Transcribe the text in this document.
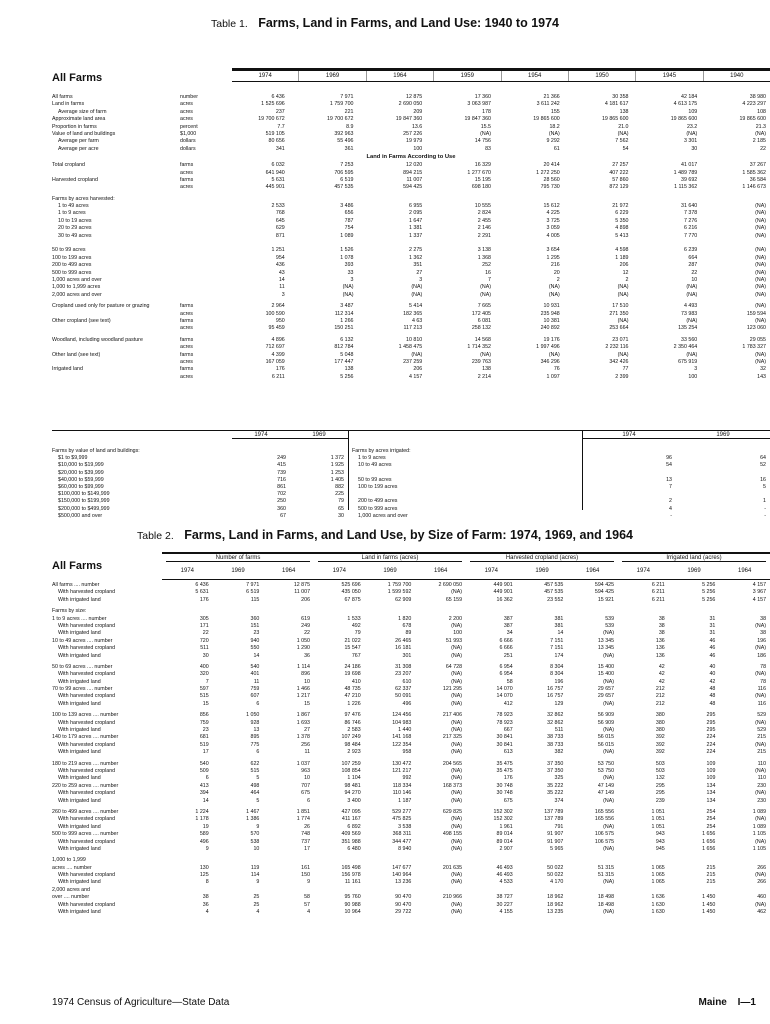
Table 1. Farms, Land in Farms, and Land Use: 1940 to 1974
All Farms	1974	1969	1964	1959	1954	1950	1945	1940
All farms	number	6 436	7 971	12 875	17 360	21 366	30 358	42 184	38 980
Land in farms	acres	1 525 696	1 759 700	2 690 050	3 063 987	3 611 242	4 181 617	4 613 175	4 223 297
Average size of farm	acres	237	221	209	178	155	138	109	108
Approximate land area	acres	19 700 672	19 700 672	19 847 360	19 847 360	19 865 600	19 865 600	19 865 600	19 865 600
Proportion in farms	percent	7.7	8.9	13.6	15.5	18.2	21.0	23.2	21.3
Value of land and buildings	$1,000	519 105	392 963	257 226	(NA)	(NA)	(NA)	(NA)	(NA)
Average per farm	dollars	80 656	55 496	19 979	14 756	9 292	7 562	3 301	2 185
Average per acre	dollars	341	361	100	83	61	54	30	22
Land in Farms According to Use
Total cropland	farms	6 032	7 253	12 020	16 329	20 414	27 257	41 017	37 267
acres	641 940	706 595	894 215	1 277 670	1 272 250	407 222	1 489 789	1 585 362
Harvested cropland	farms	5 631	6 519	11 007	15 195	28 560	57 860	39 692	36 584
acres	445 901	457 535	594 425	698 180	795 730	872 129	1 115 362	1 146 673
Farms by acres harvested:
1 to 49 acres	2 533	3 486	6 955	10 555	15 612	21 972	31 640	(NA)
1 to 9 acres	768	656	2 095	2 824	4 225	6 229	7 378	(NA)
10 to 19 acres	645	787	1 647	2 455	3 725	5 350	7 276	(NA)
20 to 29 acres	629	754	1 381	2 146	3 059	4 898	6 216	(NA)
30 to 49 acres	871	1 089	1 337	2 291	4 005	5 413	7 770	(NA)
50 to 99 acres	1 251	1 526	2 275	3 138	3 654	4 598	6 239	(NA)
100 to 199 acres	954	1 078	1 362	1 368	1 295	1 189	664	(NA)
200 to 499 acres	436	393	351	252	216	206	287	(NA)
500 to 999 acres	43	33	27	16	20	12	22	(NA)
1,000 acres and over	14	3	3	7	2	2	10	(NA)
1,000 to 1,999 acres	11	(NA)	(NA)	(NA)	(NA)	(NA)	(NA)	(NA)
2,000 acres and over	3	(NA)	(NA)	(NA)	(NA)	(NA)	(NA)	(NA)
Cropland used only for pasture or grazing	farms	2 964	3 487	5 414	7 665	10 931	17 510	4 493	(NA)
acres	100 590	112 314	182 365	172 405	235 948	271 350	73 983	159 594
Other cropland (see text)	farms	950	1 266	4 63	6 081	10 381	(NA)	(NA)	(NA)
acres	95 459	150 251	117 213	258 132	240 892	253 664	135 254	123 060
Woodland, including woodland pasture	farms	4 896	6 132	10 810	14 568	19 176	23 071	33 560	29 055
acres	712 697	812 784	1 458 475	1 714 352	1 997 496	2 232 116	2 350 464	1 783 327
Other land (see text)	farms	4 399	5 048	(NA)	(NA)	(NA)	(NA)	(NA)	(NA)
acres	167 059	177 447	237 259	239 763	346 296	342 426	675 919	(NA)
Irrigated land	farms	176	138	206	138	76	77	3	32
acres	6 211	5 256	4 157	2 214	1 097	2 399	100	143
1974	1969	1974	1969
Farms by value of land and buildings:
$1 to $9,999	249	1 372
$10,000 to $19,999	415	1 925
$20,000 to $39,999	739	1 253
$40,000 to $59,999	716	1 405
$60,000 to $99,999	861	882
$100,000 to $149,999	702	225
$150,000 to $199,999	250	79
$200,000 to $499,999	360	65
$500,000 and over	67	30
Farms by acres irrigated:
1 to 9 acres	96	64
10 to 49 acres	54	52
50 to 99 acres	13	16
100 to 199 acres	7	5
200 to 499 acres	2	1
500 to 999 acres	4	-
1,000 acres and over	-	-
Table 2. Farms, Land in Farms, and Land Use, by Size of Farm: 1974, 1969, and 1964
All Farms
Number of farms
1974	1969	1964
Land in farms (acres)
1974	1969	1964
Harvested cropland (acres)
1974	1969	1964
Irrigated land (acres)
1974	1969	1964
All farms .... number	6 436	7 971	12 875	525 696	1 759 700	2 690 050	449 901	457 535	594 425	6 211	5 256	4 157
With harvested cropland	5 631	6 519	11 007	435 050	1 599 592	(NA)	449 901	457 535	594 425	6 211	5 256	3 967
With irrigated land	176	115	206	67 875	62 909	65 159	16 362	23 552	15 921	6 211	5 256	4 157
Farms by size:
1 to 9 acres .... number	305	360	619	1 533	1 820	2 200	387	381	539	38	31	38
With harvested cropland	171	151	249	492	678	(NA)	387	381	539	38	31	(NA)
With irrigated land	22	23	22	79	89	100	34	14	(NA)	38	31	38
10 to 49 acres .... number	720	940	1 050	21 022	26 465	51 993	6 666	7 151	13 345	136	46	196
With harvested cropland	511	550	1 290	15 547	16 181	(NA)	6 666	7 151	13 345	136	46	(NA)
With irrigated land	30	14	36	767	301	(NA)	251	174	(NA)	136	46	186
50 to 69 acres .... number	400	540	1 114	24 186	31 308	64 728	6 954	8 304	15 400	42	40	78
With harvested cropland	320	401	896	19 698	23 207	(NA)	6 954	8 304	15 400	42	40	(NA)
With irrigated land	7	11	10	410	610	(NA)	58	196	(NA)	42	42	78
70 to 99 acres .... number	597	759	1 466	48 735	62 337	121 295	14 070	16 757	29 657	212	48	116
With harvested cropland	515	607	1 217	47 210	50 091	(NA)	14 070	16 757	29 657	212	48	(NA)
With irrigated land	15	6	15	1 226	496	(NA)	412	129	(NA)	212	48	116
100 to 139 acres .... number	856	1 050	1 867	97 476	124 456	217 406	78 923	32 862	56 909	380	295	529
With harvested cropland	759	928	1 693	86 746	104 983	(NA)	78 923	32 862	56 909	380	295	(NA)
With irrigated land	23	13	27	2 583	1 440	(NA)	667	511	(NA)	380	295	529
140 to 179 acres .... number	681	895	1 378	107 249	141 168	217 325	30 841	38 733	56 015	392	224	215
With harvested cropland	519	775	256	98 484	122 354	(NA)	30 841	38 733	56 015	392	224	(NA)
With irrigated land	17	6	11	2 923	958	(NA)	613	382	(NA)	392	224	215
180 to 219 acres .... number	540	622	1 037	107 259	130 472	204 565	35 475	37 350	53 750	503	109	110
With harvested cropland	509	515	963	108 854	121 217	(NA)	35 475	37 350	53 750	503	109	(NA)
With irrigated land	6	5	10	1 104	992	(NA)	176	325	(NA)	132	109	110
220 to 259 acres .... number	413	498	707	98 481	118 334	168 373	30 748	35 222	47 149	295	134	230
With harvested cropland	394	464	675	94 270	110 146	(NA)	30 748	35 222	47 149	295	134	(NA)
With irrigated land	14	5	6	3 400	1 187	(NA)	675	374	(NA)	239	134	230
260 to 499 acres .... number	1 224	1 467	1 851	427 095	529 277	629 825	152 302	137 789	165 556	1 051	254	1 089
With harvested cropland	1 178	1 386	1 774	411 167	475 825	(NA)	152 302	137 789	165 556	1 051	254	(NA)
With irrigated land	19	9	26	6 892	3 538	(NA)	1 961	791	(NA)	1 051	254	1 089
500 to 999 acres .... number	589	570	748	409 569	368 311	498 155	89 014	91 907	106 575	943	1 656	1 105
With harvested cropland	496	538	737	351 988	344 477	(NA)	89 014	91 907	106 575	943	1 656	(NA)
With irrigated land	9	10	17	6 480	8 940	(NA)	2 907	5 965	(NA)	945	1 656	1 105
1,000 to 1,999
acres .... number	130	119	161	165 498	147 677	201 635	46 493	50 022	51 315	1 065	215	266
With harvested cropland	125	114	150	156 978	140 964	(NA)	46 493	50 022	51 315	1 065	215	(NA)
With irrigated land	8	9	9	11 161	13 236	(NA)	4 533	4 170	(NA)	1 065	215	266
2,000 acres and
over .... number	38	25	58	95 760	90 470	210 966	38 727	18 962	18 498	1 636	1 450	460
With harvested cropland	36	25	57	90 988	90 470	(NA)	30 227	18 962	18 498	1 630	1 450	(NA)
With irrigated land	4	4	4	10 964	29 722	(NA)	4 155	13 235	(NA)	1 630	1 450	462
1974 Census of Agriculture—State Data	Maine I—1
